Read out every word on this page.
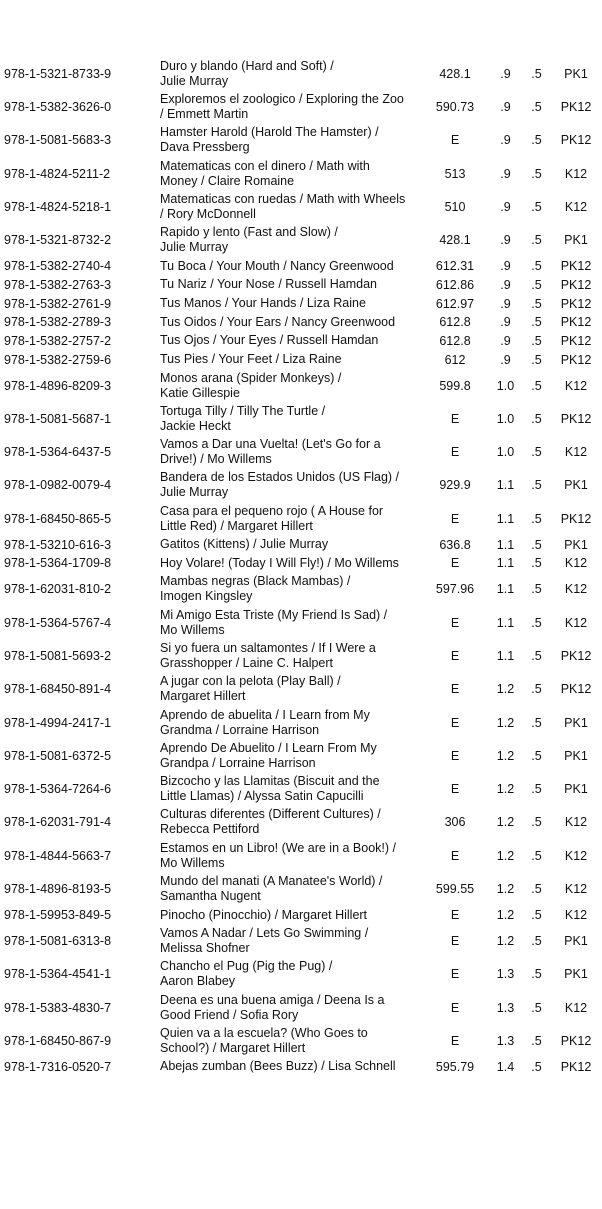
978-1-5321-8733-9
Duro y blando (Hard and Soft) /
Julie Murray	428.1	.9	.5	PK1
978-1-5382-3626-0
Exploremos el zoologico / Exploring the Zoo
/ Emmett Martin	590.73	.9	.5	PK12
978-1-5081-5683-3
Hamster Harold (Harold The Hamster) /
Dava Pressberg	E	.9	.5	PK12
978-1-4824-5211-2
Matematicas con el dinero / Math with
Money / Claire Romaine	513	.9	.5	K12
978-1-4824-5218-1
Matematicas con ruedas / Math with Wheels
/ Rory McDonnell	510	.9	.5	K12
978-1-5321-8732-2
Rapido y lento (Fast and Slow) /
Julie Murray	428.1	.9	.5	PK1
978-1-5382-2740-4	Tu Boca / Your Mouth / Nancy Greenwood	612.31	.9	.5	PK12
978-1-5382-2763-3	Tu Nariz / Your Nose / Russell Hamdan	612.86	.9	.5	PK12
978-1-5382-2761-9	Tus Manos / Your Hands / Liza Raine	612.97	.9	.5	PK12
978-1-5382-2789-3	Tus Oidos / Your Ears / Nancy Greenwood	612.8	.9	.5	PK12
978-1-5382-2757-2	Tus Ojos / Your Eyes / Russell Hamdan	612.8	.9	.5	PK12
978-1-5382-2759-6	Tus Pies / Your Feet / Liza Raine	612	.9	.5	PK12
978-1-4896-8209-3
Monos arana (Spider Monkeys) /
Katie Gillespie	599.8	1.0	.5	K12
978-1-5081-5687-1
Tortuga Tilly / Tilly The Turtle /
Jackie Heckt	E	1.0	.5	PK12
978-1-5364-6437-5
Vamos a Dar una Vuelta! (Let's Go for a
Drive!) / Mo Willems	E	1.0	.5	K12
978-1-0982-0079-4
Bandera de los Estados Unidos (US Flag) /
Julie Murray	929.9	1.1	.5	PK1
978-1-68450-865-5
Casa para el pequeno rojo ( A House for
Little Red) / Margaret Hillert	E	1.1	.5	PK12
978-1-53210-616-3	Gatitos (Kittens) / Julie Murray	636.8	1.1	.5	PK1
978-1-5364-1709-8	Hoy Volare! (Today I Will Fly!) / Mo Willems	E	1.1	.5	K12
978-1-62031-810-2
Mambas negras (Black Mambas) /
Imogen Kingsley	597.96	1.1	.5	K12
978-1-5364-5767-4
Mi Amigo Esta Triste (My Friend Is Sad) /
Mo Willems	E	1.1	.5	K12
978-1-5081-5693-2
Si yo fuera un saltamontes / If I Were a
Grasshopper / Laine C. Halpert	E	1.1	.5	PK12
978-1-68450-891-4
A jugar con la pelota (Play Ball) /
Margaret Hillert	E	1.2	.5	PK12
978-1-4994-2417-1
Aprendo de abuelita / I Learn from My
Grandma / Lorraine Harrison	E	1.2	.5	PK1
978-1-5081-6372-5
Aprendo De Abuelito / I Learn From My
Grandpa / Lorraine Harrison	E	1.2	.5	PK1
978-1-5364-7264-6
Bizcocho y las Llamitas (Biscuit and the
Little Llamas) / Alyssa Satin Capucilli	E	1.2	.5	PK1
978-1-62031-791-4
Culturas diferentes (Different Cultures) /
Rebecca Pettiford	306	1.2	.5	K12
978-1-4844-5663-7
Estamos en un Libro! (We are in a Book!) /
Mo Willems	E	1.2	.5	K12
978-1-4896-8193-5
Mundo del manati (A Manatee's World) /
Samantha Nugent	599.55	1.2	.5	K12
978-1-59953-849-5	Pinocho (Pinocchio) / Margaret Hillert	E	1.2	.5	K12
978-1-5081-6313-8
Vamos A Nadar / Lets Go Swimming /
Melissa Shofner	E	1.2	.5	PK1
978-1-5364-4541-1
Chancho el Pug (Pig the Pug) /
Aaron Blabey	E	1.3	.5	PK1
978-1-5383-4830-7
Deena es una buena amiga / Deena Is a
Good Friend / Sofia Rory	E	1.3	.5	K12
978-1-68450-867-9
Quien va a la escuela? (Who Goes to
School?) / Margaret Hillert	E	1.3	.5	PK12
978-1-7316-0520-7	Abejas zumban (Bees Buzz) / Lisa Schnell	595.79	1.4	.5	PK12
